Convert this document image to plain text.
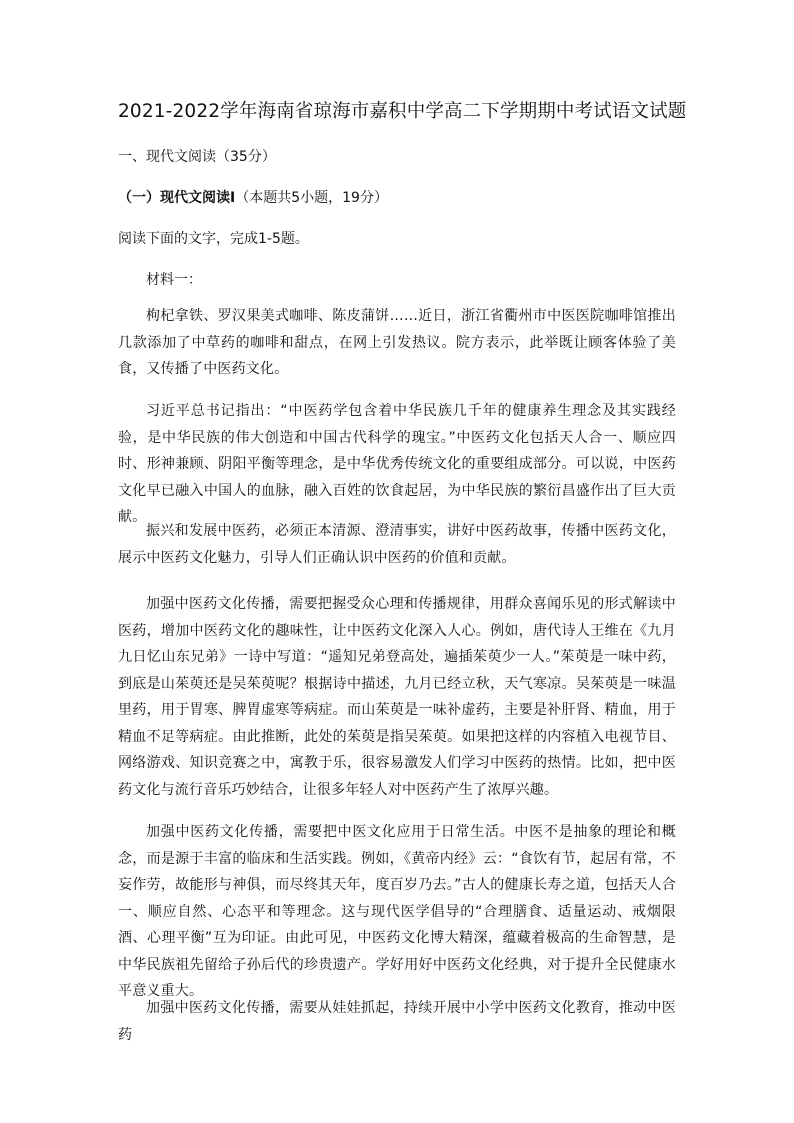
2021-2022学年海南省琼海市嘉积中学高二下学期期中考试语文试题
一、现代文阅读（35分）
（一）现代文阅读Ⅰ（本题共5小题，19分）
阅读下面的文字，完成1-5题。
材料一：
枸杞拿铁、罗汉果美式咖啡、陈皮蒲饼……近日，浙江省衢州市中医医院咖啡馆推出几款添加了中草药的咖啡和甜点，在网上引发热议。院方表示，此举既让顾客体验了美食，又传播了中医药文化。
习近平总书记指出：“中医药学包含着中华民族几千年的健康养生理念及其实践经验，是中华民族的伟大创造和中国古代科学的瑰宝。”中医药文化包括天人合一、顺应四时、形神兼顾、阴阳平衡等理念，是中华优秀传统文化的重要组成部分。可以说，中医药文化早已融入中国人的血脉，融入百姓的饮食起居，为中华民族的繁衍昌盛作出了巨大贡献。
振兴和发展中医药，必须正本清源、澄清事实，讲好中医药故事，传播中医药文化，展示中医药文化魅力，引导人们正确认识中医药的价值和贡献。
加强中医药文化传播，需要把握受众心理和传播规律，用群众喜闻乐见的形式解读中医药，增加中医药文化的趣味性，让中医药文化深入人心。例如，唐代诗人王维在《九月九日忆山东兄弟》一诗中写道：“遥知兄弟登高处，遍插茱萸少一人。”茱萸是一味中药，到底是山茱萸还是吴茱萸呢？根据诗中描述，九月已经立秋，天气寒凉。吴茱萸是一味温里药，用于胃寒、脾胃虚寒等病症。而山茱萸是一味补虚药，主要是补肝肾、精血，用于精血不足等病症。由此推断，此处的茱萸是指吴茱萸。如果把这样的内容植入电视节目、网络游戏、知识竞赛之中，寓教于乐，很容易激发人们学习中医药的热情。比如，把中医药文化与流行音乐巧妙结合，让很多年轻人对中医药产生了浓厚兴趣。
加强中医药文化传播，需要把中医文化应用于日常生活。中医不是抽象的理论和概念，而是源于丰富的临床和生活实践。例如，《黄帝内经》云：“食饮有节，起居有常，不妄作劳，故能形与神俱，而尽终其天年，度百岁乃去。”古人的健康长寿之道，包括天人合一、顺应自然、心态平和等理念。这与现代医学倡导的“合理膳食、适量运动、戒烟限酒、心理平衡”互为印证。由此可见，中医药文化博大精深，蕴藏着极高的生命智慧，是中华民族祖先留给子孙后代的珍贵遗产。学好用好中医药文化经典，对于提升全民健康水平意义重大。
加强中医药文化传播，需要从娃娃抓起，持续开展中小学中医药文化教育，推动中医药
